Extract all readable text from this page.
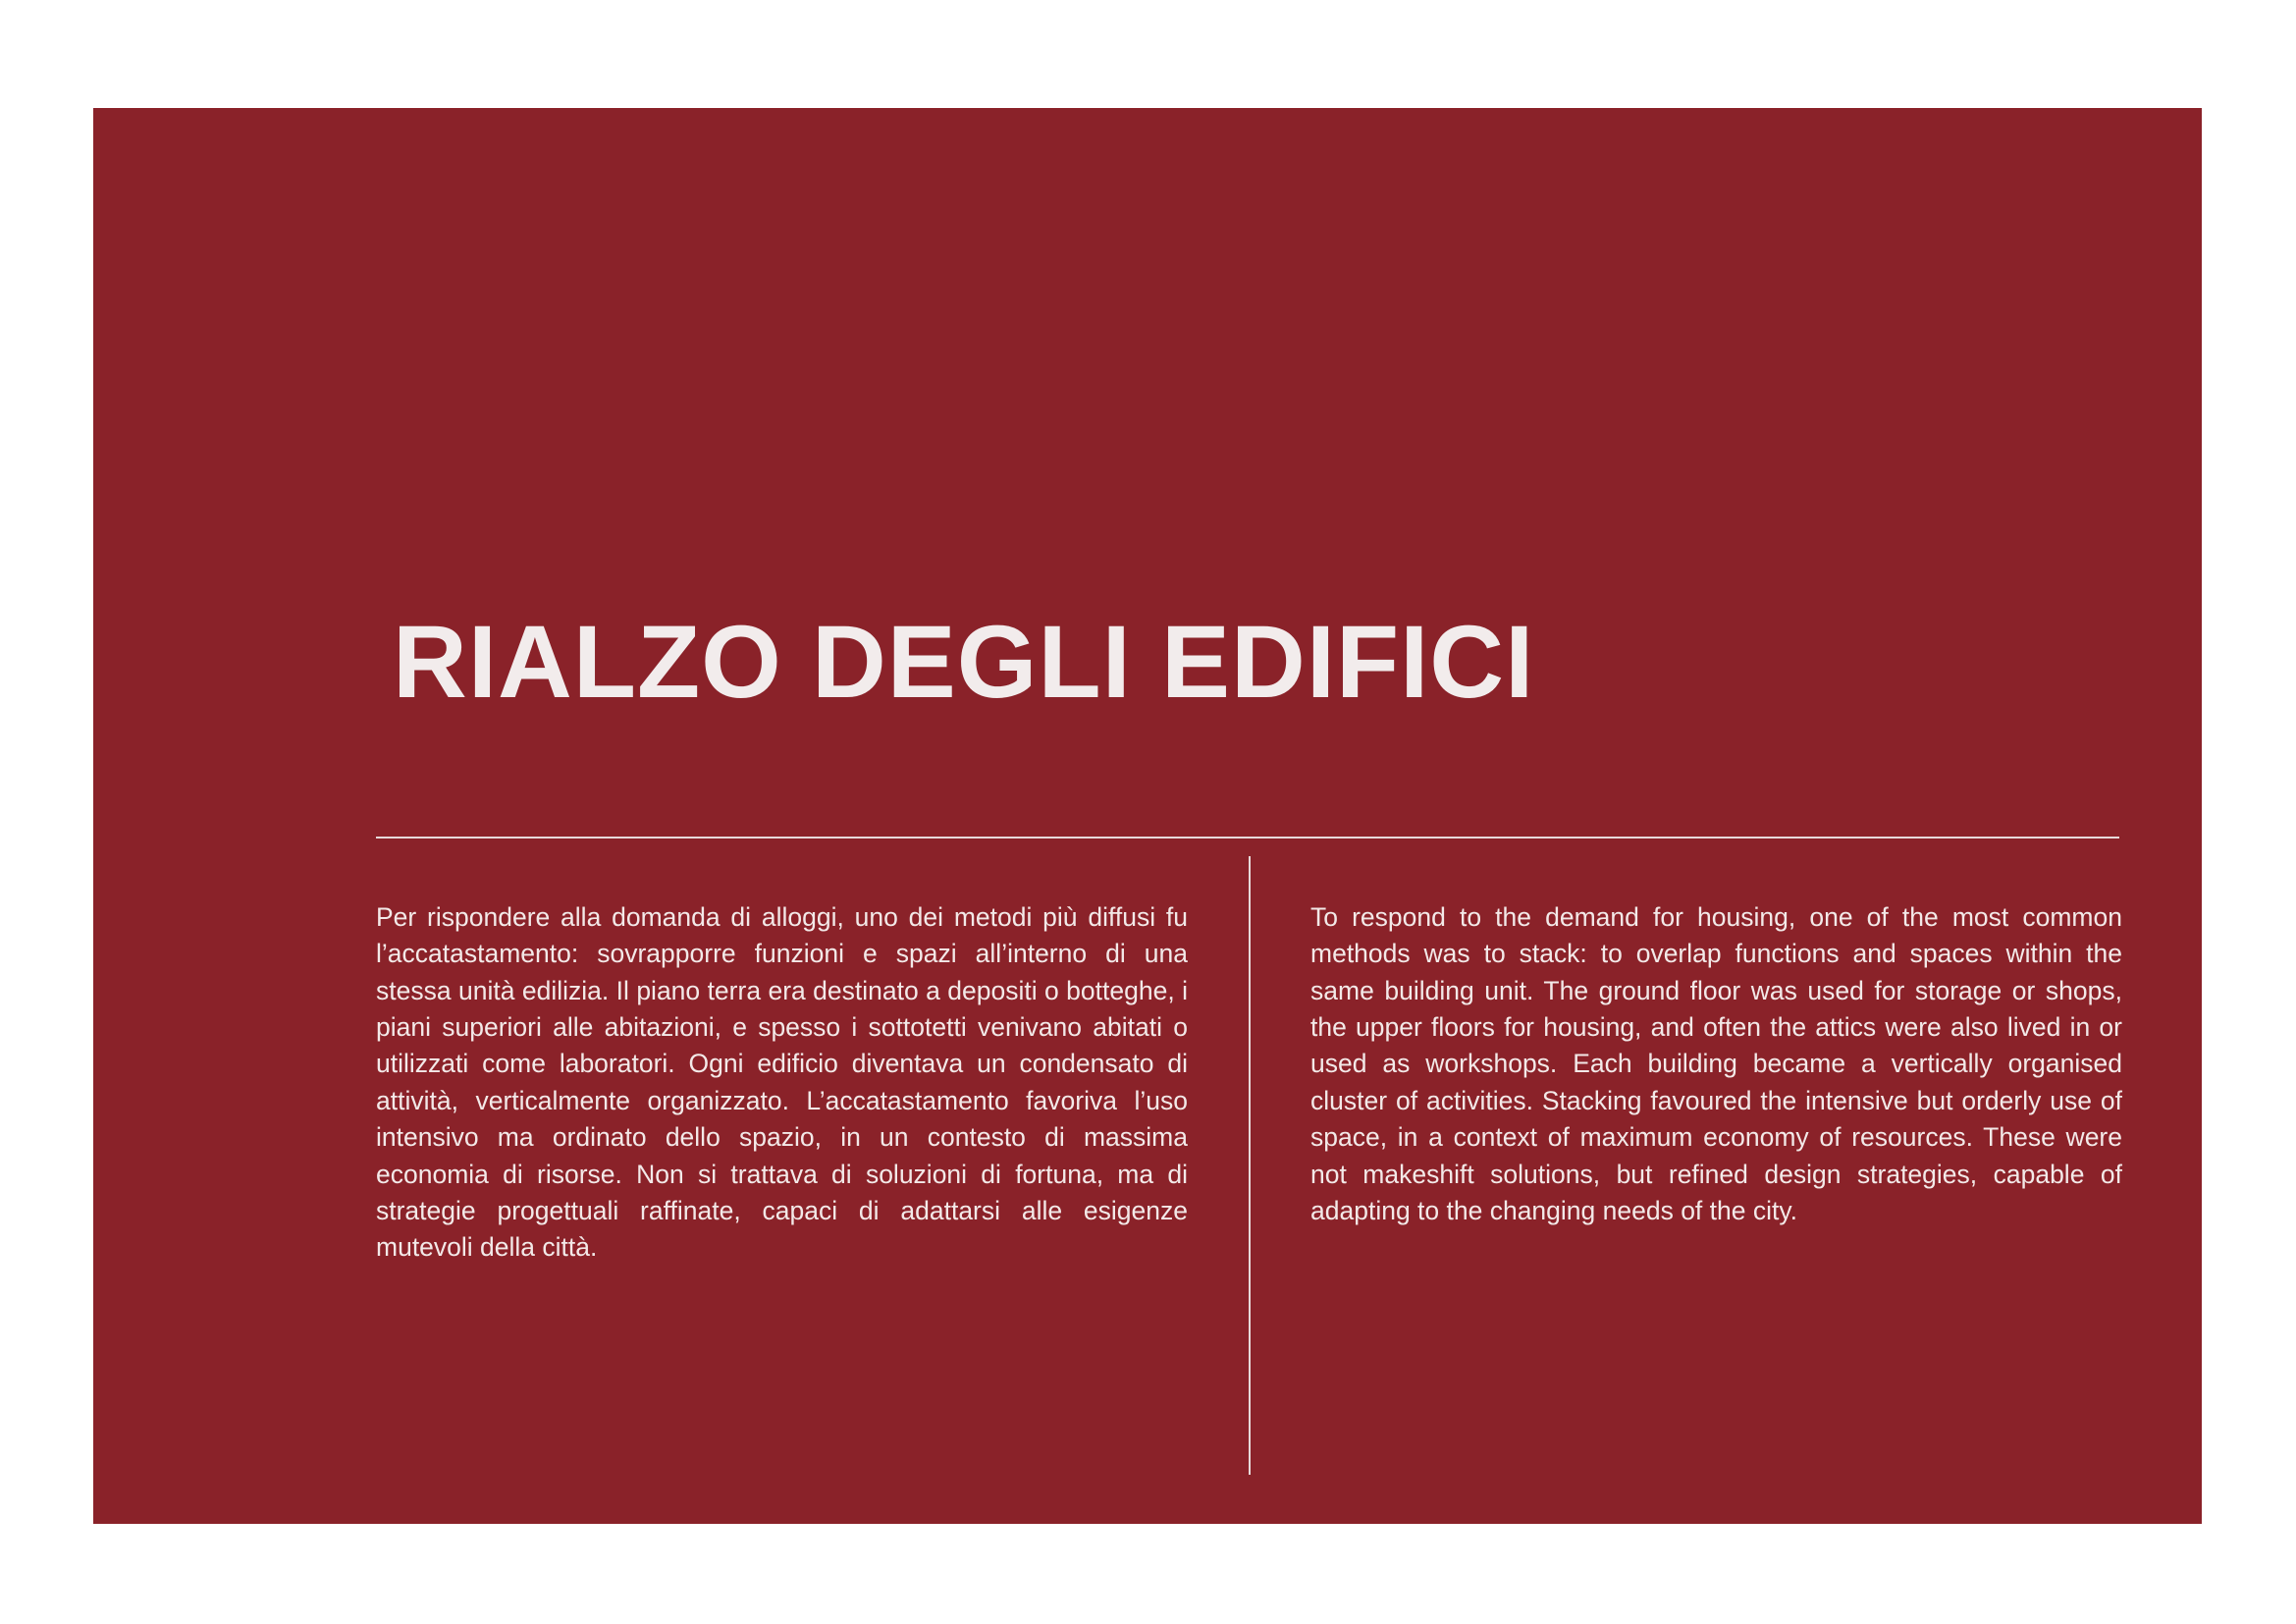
RIALZO DEGLI EDIFICI

Per rispondere alla domanda di alloggi, uno dei metodi più diffusi fu l’accatastamento: sovrapporre funzioni e spazi all’interno di una stessa unità edilizia. Il piano terra era destinato a depositi o botteghe, i piani superiori alle abitazioni, e spesso i sottotetti venivano abitati o utilizzati come laboratori. Ogni edificio diventava un condensato di attività, verticalmente organizzato. L’accatastamento favoriva l’uso intensivo ma ordinato dello spazio, in un contesto di massima economia di risorse. Non si trattava di soluzioni di fortuna, ma di strategie progettuali raffinate, capaci di adattarsi alle esigenze mutevoli della città.

To respond to the demand for housing, one of the most common methods was to stack: to overlap functions and spaces within the same building unit. The ground floor was used for storage or shops, the upper floors for housing, and often the attics were also lived in or used as workshops. Each building became a vertically organised cluster of activities. Stacking favoured the intensive but orderly use of space, in a context of maximum economy of resources. These were not makeshift solutions, but refined design strategies, capable of adapting to the changing needs of the city.
